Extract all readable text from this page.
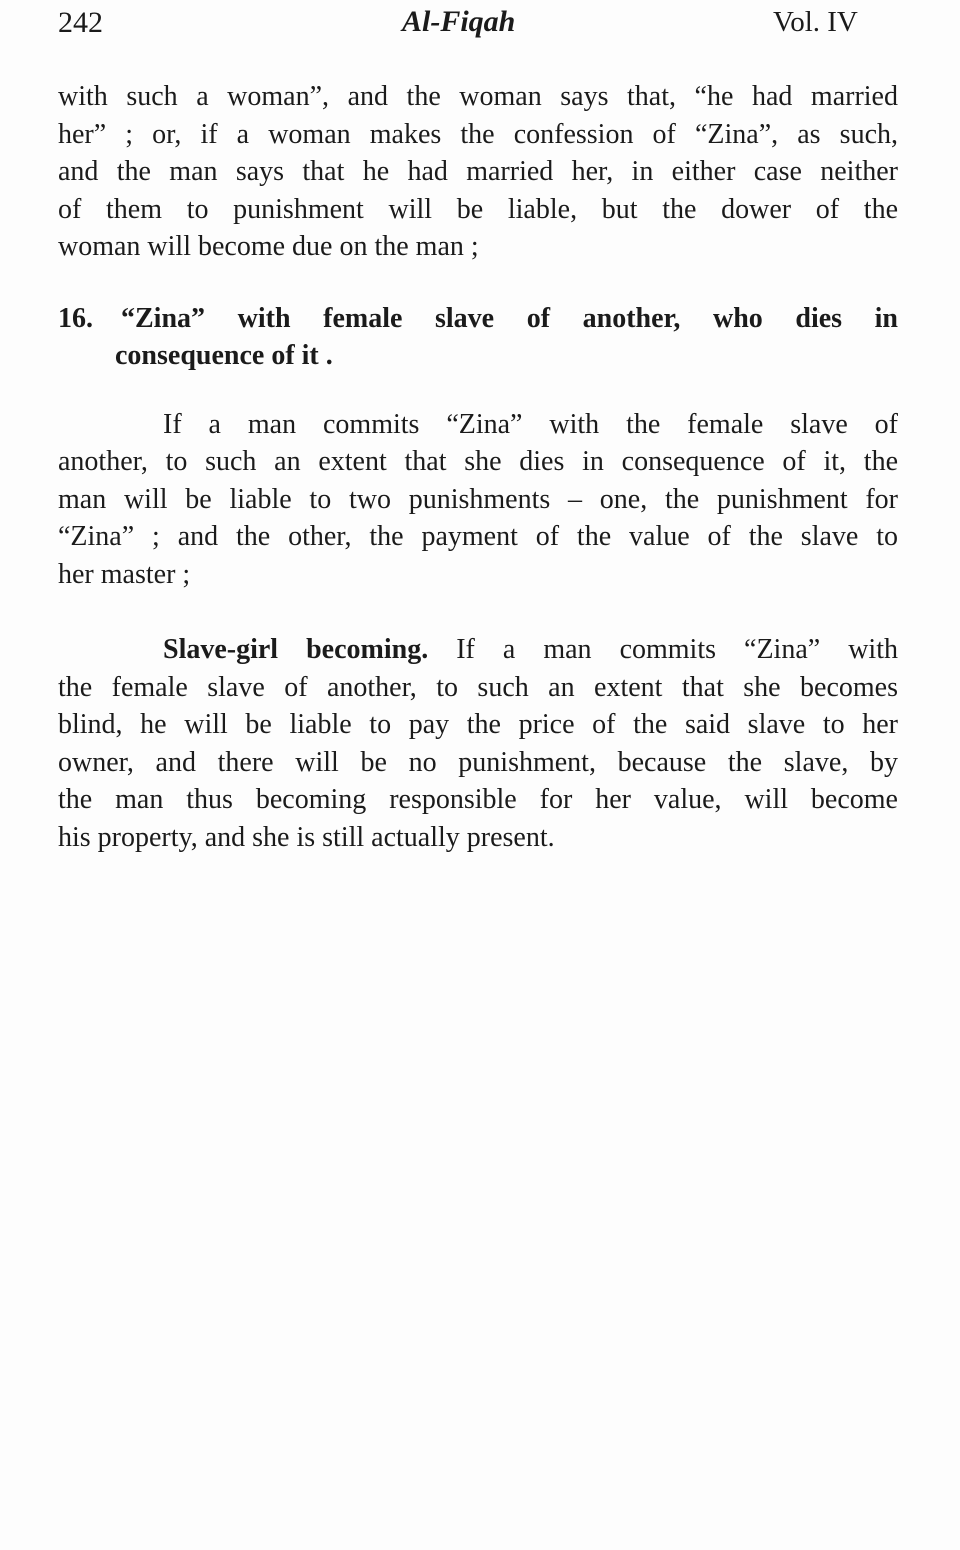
242	Al-Fiqah	Vol. IV
with such a woman”, and the woman says that, “he had married
her” ; or, if a woman makes the confession of “Zina”, as such,
and the man says that he had married her, in either case neither
of them to punishment will be liable, but the dower of the
woman will become due on the man ;
16. “Zina” with female slave of another, who dies in
consequence of it .
If a man commits “Zina” with the female slave of
another, to such an extent that she dies in consequence of it, the
man will be liable to two punishments – one, the punishment for
“Zina” ; and the other, the payment of the value of the slave to
her master ;
Slave-girl becoming. If a man commits “Zina” with
the female slave of another, to such an extent that she becomes
blind, he will be liable to pay the price of the said slave to her
owner, and there will be no punishment, because the slave, by
the man thus becoming responsible for her value, will become
his property, and she is still actually present.
